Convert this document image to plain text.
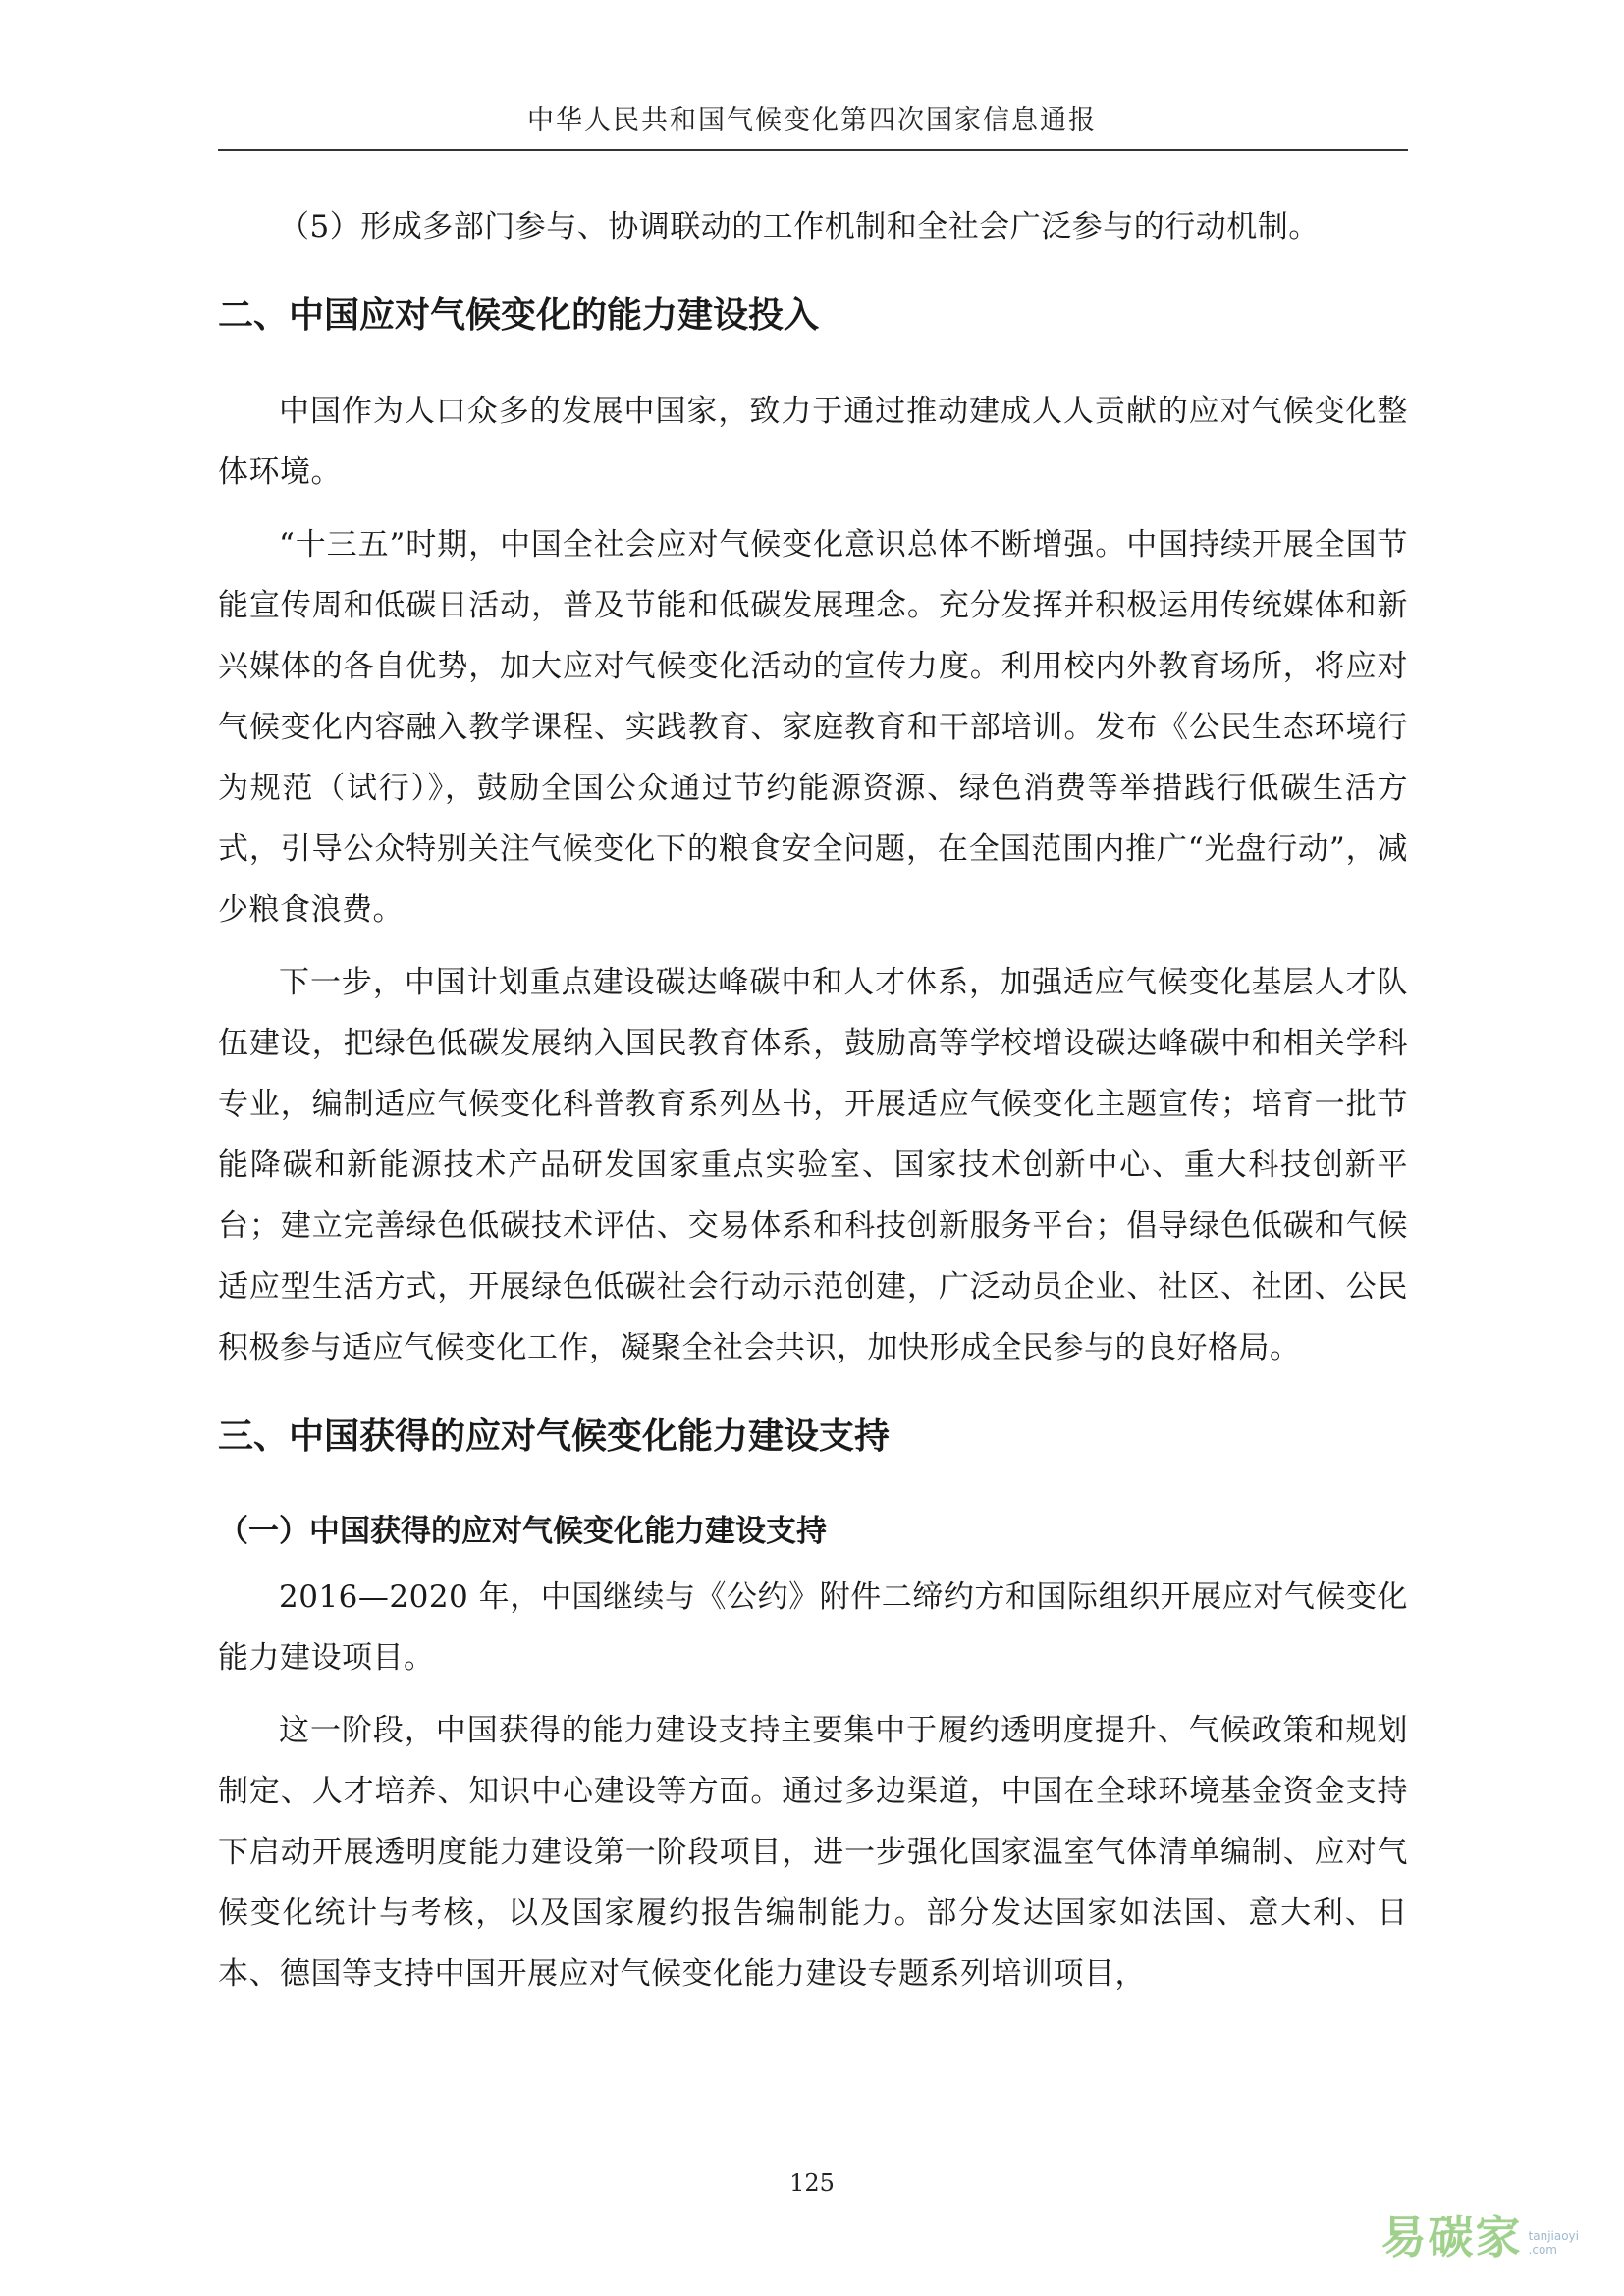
中华人民共和国气候变化第四次国家信息通报

（5）形成多部门参与、协调联动的工作机制和全社会广泛参与的行动机制。

二、中国应对气候变化的能力建设投入

中国作为人口众多的发展中国家，致力于通过推动建成人人贡献的应对气候变化整体环境。

“十三五”时期，中国全社会应对气候变化意识总体不断增强。中国持续开展全国节能宣传周和低碳日活动，普及节能和低碳发展理念。充分发挥并积极运用传统媒体和新兴媒体的各自优势，加大应对气候变化活动的宣传力度。利用校内外教育场所，将应对气候变化内容融入教学课程、实践教育、家庭教育和干部培训。发布《公民生态环境行为规范（试行）》，鼓励全国公众通过节约能源资源、绿色消费等举措践行低碳生活方式，引导公众特别关注气候变化下的粮食安全问题，在全国范围内推广“光盘行动”，减少粮食浪费。

下一步，中国计划重点建设碳达峰碳中和人才体系，加强适应气候变化基层人才队伍建设，把绿色低碳发展纳入国民教育体系，鼓励高等学校增设碳达峰碳中和相关学科专业，编制适应气候变化科普教育系列丛书，开展适应气候变化主题宣传；培育一批节能降碳和新能源技术产品研发国家重点实验室、国家技术创新中心、重大科技创新平台；建立完善绿色低碳技术评估、交易体系和科技创新服务平台；倡导绿色低碳和气候适应型生活方式，开展绿色低碳社会行动示范创建，广泛动员企业、社区、社团、公民积极参与适应气候变化工作，凝聚全社会共识，加快形成全民参与的良好格局。

三、中国获得的应对气候变化能力建设支持
（一）中国获得的应对气候变化能力建设支持

2016—2020 年，中国继续与《公约》附件二缔约方和国际组织开展应对气候变化能力建设项目。

这一阶段，中国获得的能力建设支持主要集中于履约透明度提升、气候政策和规划制定、人才培养、知识中心建设等方面。通过多边渠道，中国在全球环境基金资金支持下启动开展透明度能力建设第一阶段项目，进一步强化国家温室气体清单编制、应对气候变化统计与考核，以及国家履约报告编制能力。部分发达国家如法国、意大利、日本、德国等支持中国开展应对气候变化能力建设专题系列培训项目，

125
易碳家 tanjiaoyi
.com
